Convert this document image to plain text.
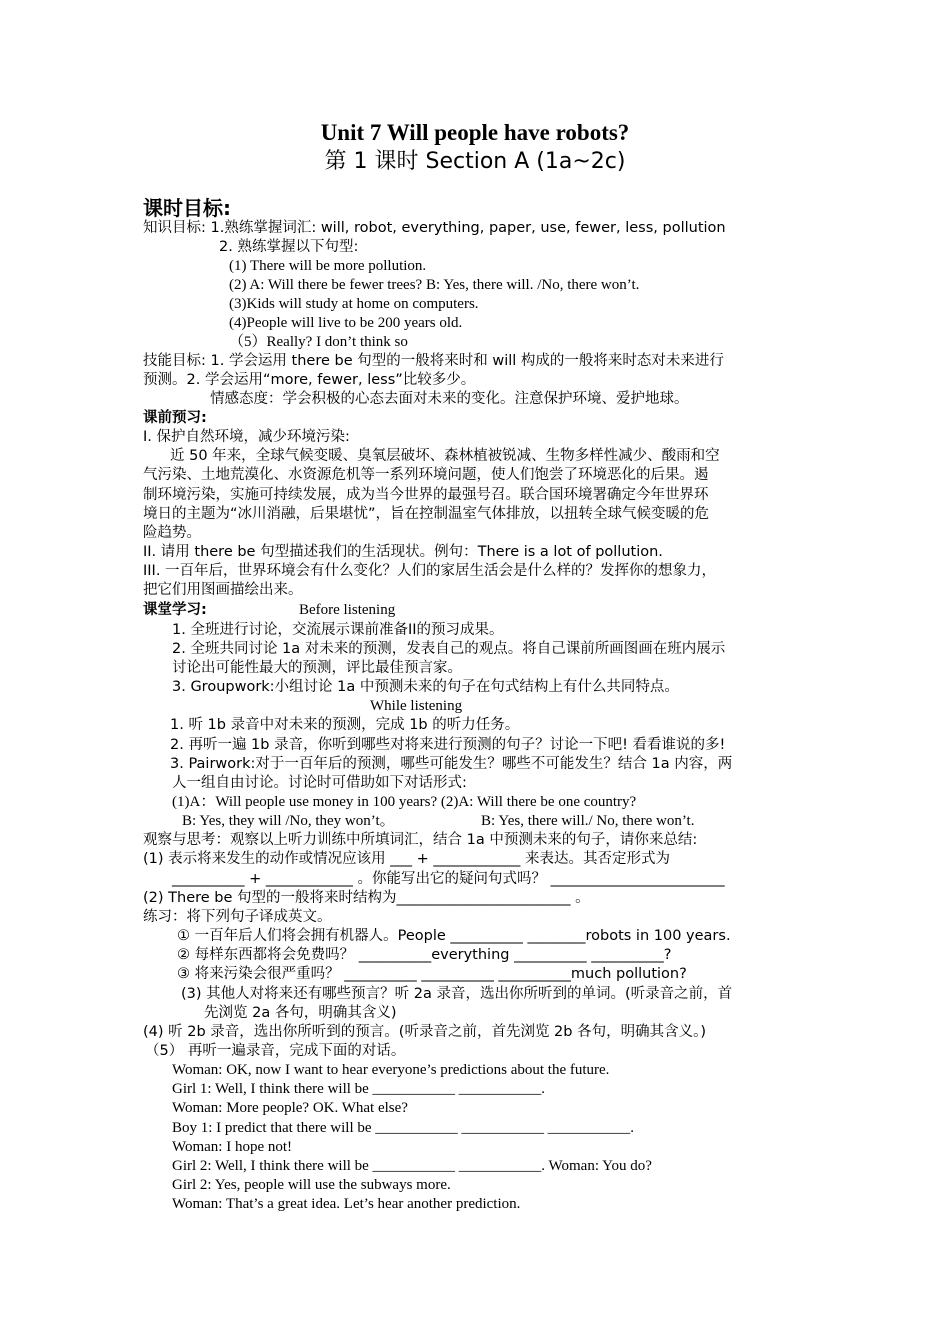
Unit 7 Will people have robots?
第 1 课时 Section A (1a~2c)
课时目标:
知识目标: 1.熟练掌握词汇: will, robot, everything, paper, use, fewer, less, pollution
2. 熟练掌握以下句型:
(1) There will be more pollution.
(2) A: Will there be fewer trees? B: Yes, there will. /No, there won’t.
(3)Kids will study at home on computers.
(4)People will live to be 200 years old.
（5）Really? I don’t think so
技能目标: 1. 学会运用 there be 句型的一般将来时和 will 构成的一般将来时态对未来进行
预测。2. 学会运用“more, fewer, less”比较多少。
情感态度：学会积极的心态去面对未来的变化。注意保护环境、爱护地球。
课前预习:
I. 保护自然环境，减少环境污染:
近 50 年来，全球气候变暖、臭氧层破坏、森林植被锐减、生物多样性减少、酸雨和空
气污染、土地荒漠化、水资源危机等一系列环境问题，使人们饱尝了环境恶化的后果。遏
制环境污染，实施可持续发展，成为当今世界的最强号召。联合国环境署确定今年世界环
境日的主题为“冰川消融，后果堪忧”，旨在控制温室气体排放，以扭转全球气候变暖的危
险趋势。
II. 请用 there be 句型描述我们的生活现状。例句：There is a lot of pollution.
III. 一百年后，世界环境会有什么变化？人们的家居生活会是什么样的？发挥你的想象力，
把它们用图画描绘出来。
课堂学习:	Before listening
1. 全班进行讨论，交流展示课前准备II的预习成果。
2. 全班共同讨论 1a 对未来的预测，发表自己的观点。将自己课前所画图画在班内展示
讨论出可能性最大的预测，评比最佳预言家。
3. Groupwork:小组讨论 1a 中预测未来的句子在句式结构上有什么共同特点。
While listening
1. 听 1b 录音中对未来的预测，完成 1b 的听力任务。
2. 再听一遍 1b 录音，你听到哪些对将来进行预测的句子？讨论一下吧! 看看谁说的多!
3. Pairwork:对于一百年后的预测，哪些可能发生？哪些不可能发生？结合 1a 内容，两
人一组自由讨论。讨论时可借助如下对话形式:
(1)A：Will people use money in 100 years? (2)A: Will there be one country?
B: Yes, they will /No, they won’t。	B: Yes, there will./ No, there won’t.
观察与思考：观察以上听力训练中所填词汇，结合 1a 中预测未来的句子，请你来总结:
(1) 表示将来发生的动作或情况应该用 ___ + ____________ 来表达。其否定形式为
__________ + ____________ 。你能写出它的疑问句式吗？ ________________________
(2) There be 句型的一般将来时结构为________________________ 。
练习：将下列句子译成英文。
① 一百年后人们将会拥有机器人。People __________ ________robots in 100 years.
② 每样东西都将会免费吗？ __________everything __________ __________?
③ 将来污染会很严重吗？ __________ __________ __________much pollution?
(3) 其他人对将来还有哪些预言？听 2a 录音，选出你所听到的单词。(听录音之前，首
先浏览 2a 各句，明确其含义)
(4) 听 2b 录音，选出你所听到的预言。(听录音之前，首先浏览 2b 各句，明确其含义。)
（5） 再听一遍录音，完成下面的对话。
Woman: OK, now I want to hear everyone’s predictions about the future.
Girl 1: Well, I think there will be ___________ ___________.
Woman: More people? OK. What else?
Boy 1: I predict that there will be ___________ ___________ ___________.
Woman: I hope not!
Girl 2: Well, I think there will be ___________ ___________. Woman: You do?
Girl 2: Yes, people will use the subways more.
Woman: That’s a great idea. Let’s hear another prediction.
